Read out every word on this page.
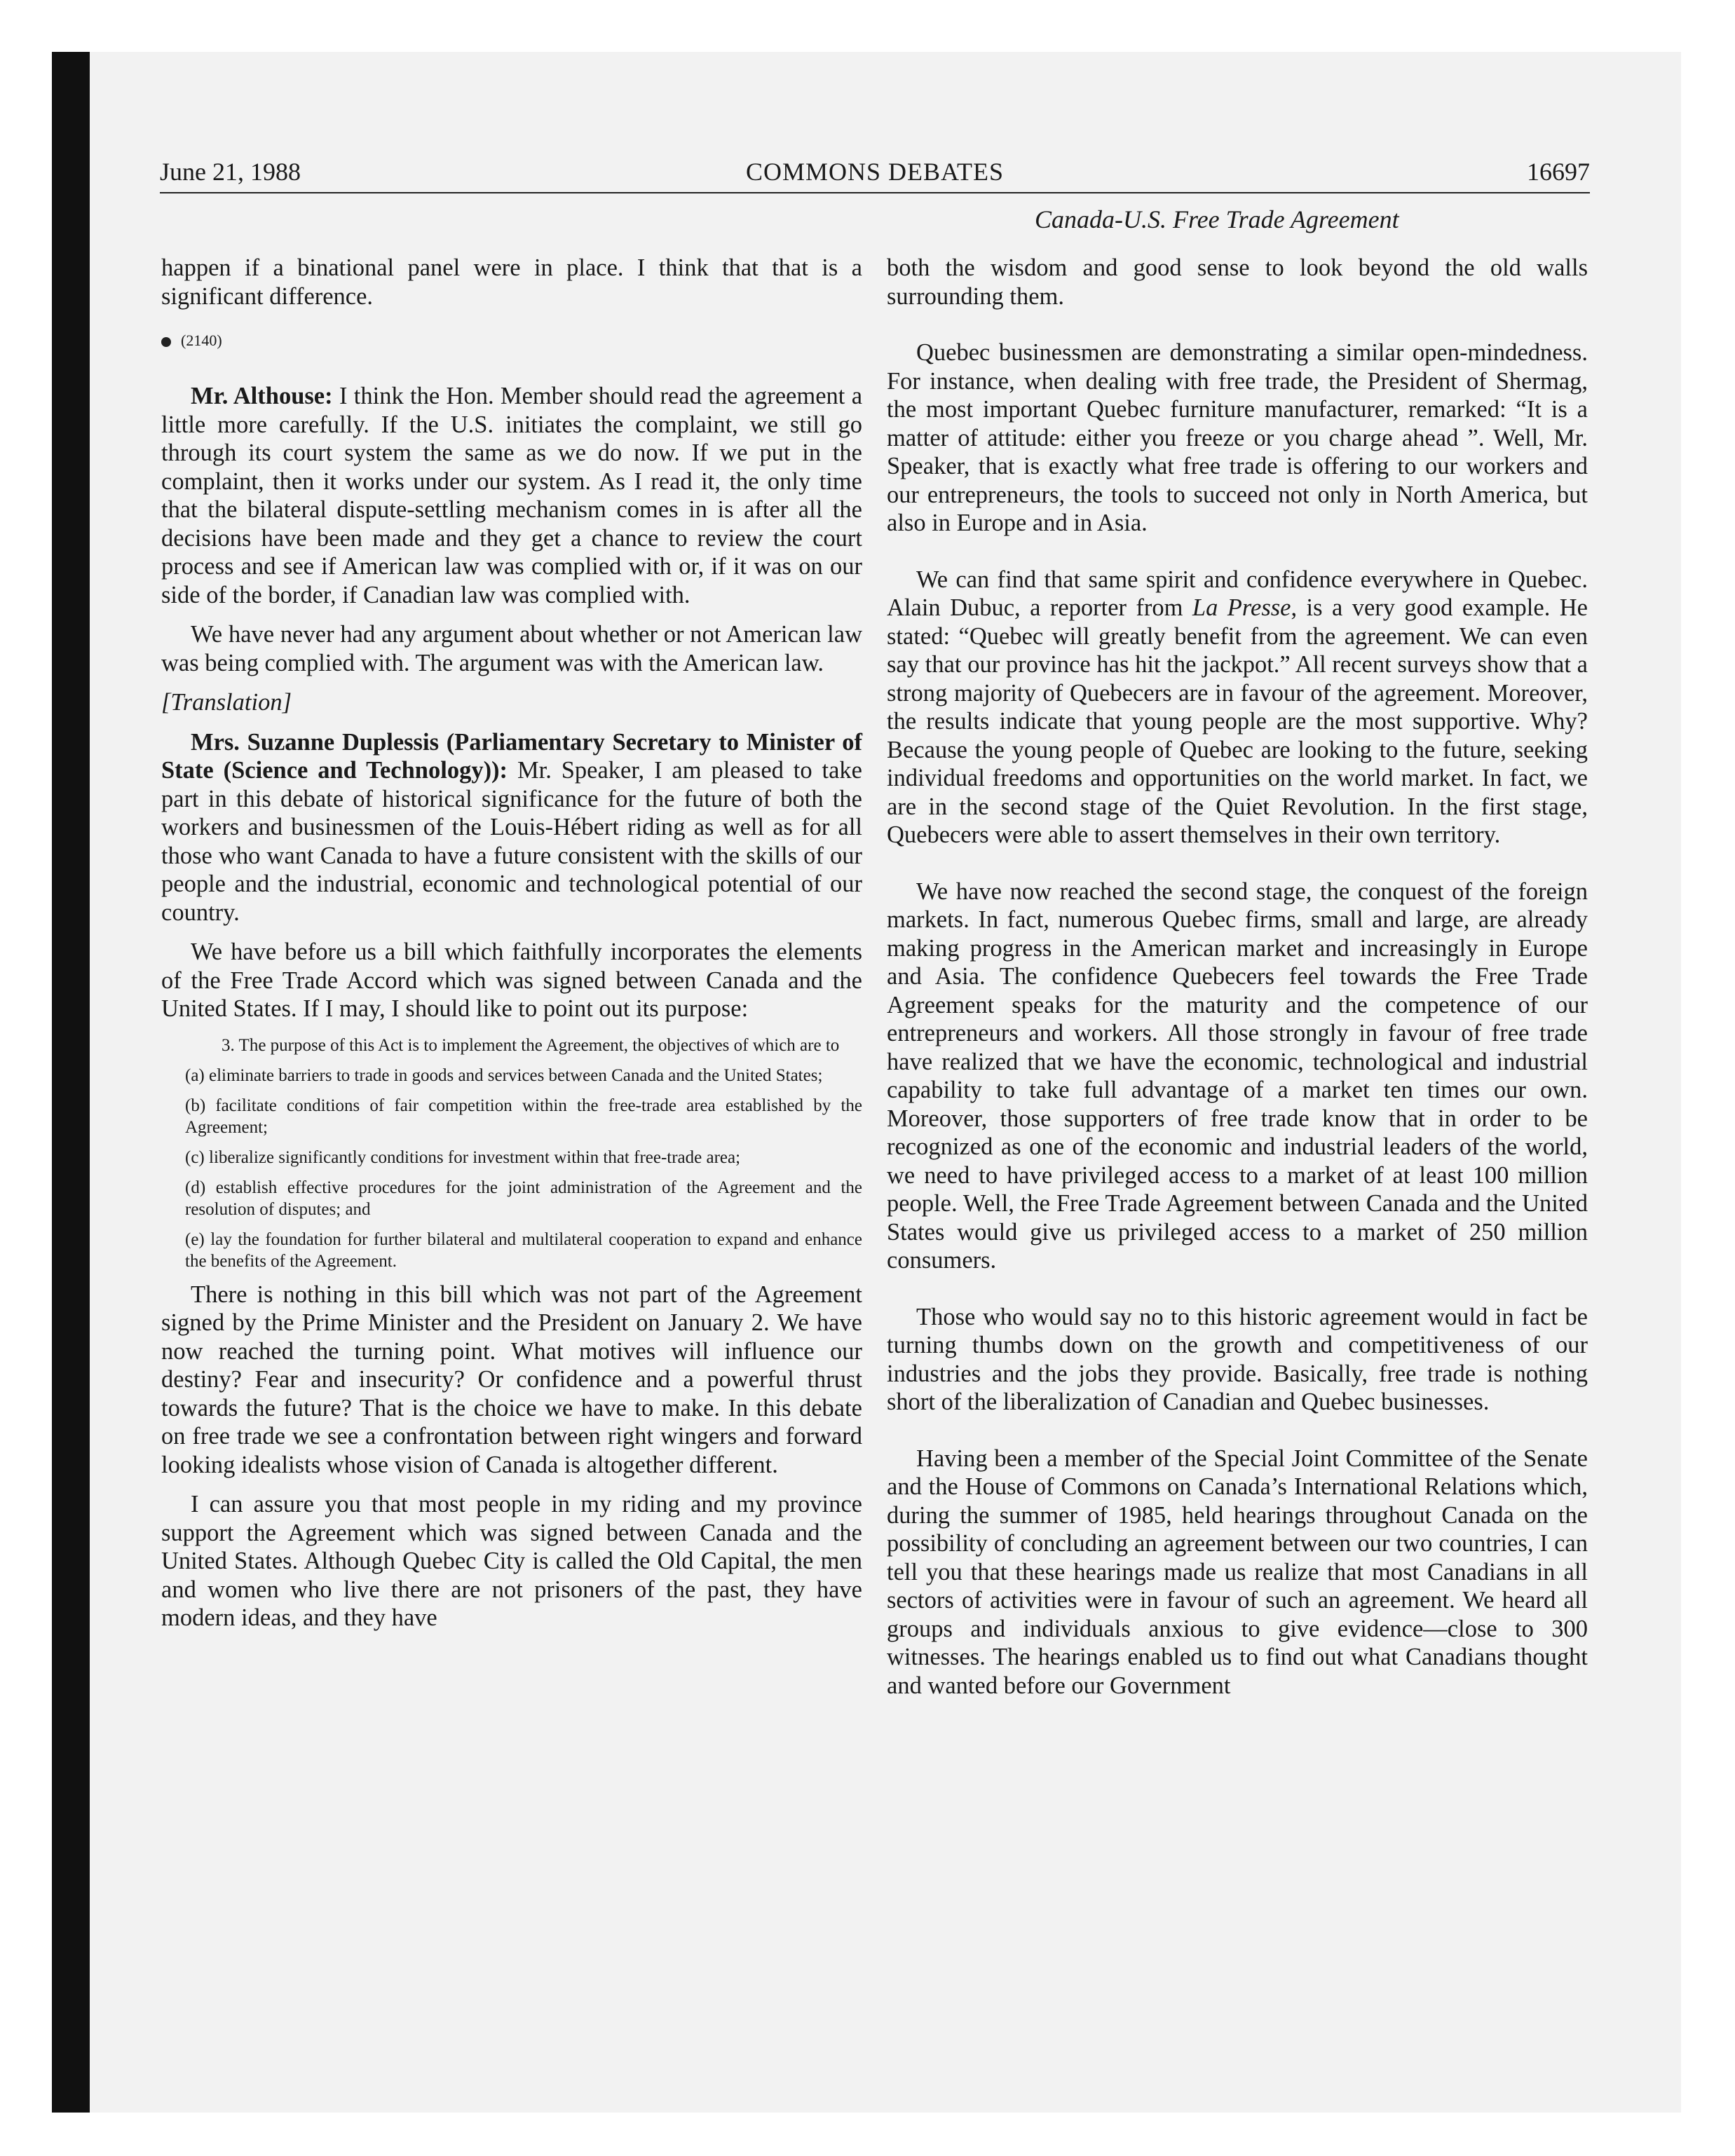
June 21, 1988	COMMONS DEBATES	16697
Canada-U.S. Free Trade Agreement

happen if a binational panel were in place. I think that that is a significant difference.

(2140)

Mr. Althouse: I think the Hon. Member should read the agreement a little more carefully. If the U.S. initiates the complaint, we still go through its court system the same as we do now. If we put in the complaint, then it works under our system. As I read it, the only time that the bilateral dispute-settling mechanism comes in is after all the decisions have been made and they get a chance to review the court process and see if American law was complied with or, if it was on our side of the border, if Canadian law was complied with.

We have never had any argument about whether or not American law was being complied with. The argument was with the American law.

[Translation]

Mrs. Suzanne Duplessis (Parliamentary Secretary to Minister of State (Science and Technology)): Mr. Speaker, I am pleased to take part in this debate of historical significance for the future of both the workers and businessmen of the Louis-Hébert riding as well as for all those who want Canada to have a future consistent with the skills of our people and the industrial, economic and technological potential of our country.

We have before us a bill which faithfully incorporates the elements of the Free Trade Accord which was signed between Canada and the United States. If I may, I should like to point out its purpose:

3. The purpose of this Act is to implement the Agreement, the objectives of which are to

(a) eliminate barriers to trade in goods and services between Canada and the United States;

(b) facilitate conditions of fair competition within the free-trade area established by the Agreement;

(c) liberalize significantly conditions for investment within that free-trade area;

(d) establish effective procedures for the joint administration of the Agreement and the resolution of disputes; and

(e) lay the foundation for further bilateral and multilateral cooperation to expand and enhance the benefits of the Agreement.

There is nothing in this bill which was not part of the Agreement signed by the Prime Minister and the President on January 2. We have now reached the turning point. What motives will influence our destiny? Fear and insecurity? Or confidence and a powerful thrust towards the future? That is the choice we have to make. In this debate on free trade we see a confrontation between right wingers and forward looking idealists whose vision of Canada is altogether different.

I can assure you that most people in my riding and my province support the Agreement which was signed between Canada and the United States. Although Quebec City is called the Old Capital, the men and women who live there are not prisoners of the past, they have modern ideas, and they have

both the wisdom and good sense to look beyond the old walls surrounding them.

Quebec businessmen are demonstrating a similar open-mindedness. For instance, when dealing with free trade, the President of Shermag, the most important Quebec furniture manufacturer, remarked: “It is a matter of attitude: either you freeze or you charge ahead ”. Well, Mr. Speaker, that is exactly what free trade is offering to our workers and our entrepreneurs, the tools to succeed not only in North America, but also in Europe and in Asia.

We can find that same spirit and confidence everywhere in Quebec. Alain Dubuc, a reporter from La Presse, is a very good example. He stated: “Quebec will greatly benefit from the agreement. We can even say that our province has hit the jackpot.” All recent surveys show that a strong majority of Quebecers are in favour of the agreement. Moreover, the results indicate that young people are the most supportive. Why? Because the young people of Quebec are looking to the future, seeking individual freedoms and opportunities on the world market. In fact, we are in the second stage of the Quiet Revolution. In the first stage, Quebecers were able to assert themselves in their own territory.

We have now reached the second stage, the conquest of the foreign markets. In fact, numerous Quebec firms, small and large, are already making progress in the American market and increasingly in Europe and Asia. The confidence Quebecers feel towards the Free Trade Agreement speaks for the maturity and the competence of our entrepreneurs and workers. All those strongly in favour of free trade have realized that we have the economic, technological and industrial capability to take full advantage of a market ten times our own. Moreover, those supporters of free trade know that in order to be recognized as one of the economic and industrial leaders of the world, we need to have privileged access to a market of at least 100 million people. Well, the Free Trade Agreement between Canada and the United States would give us privileged access to a market of 250 million consumers.

Those who would say no to this historic agreement would in fact be turning thumbs down on the growth and competitiveness of our industries and the jobs they provide. Basically, free trade is nothing short of the liberalization of Canadian and Quebec businesses.

Having been a member of the Special Joint Committee of the Senate and the House of Commons on Canada’s International Relations which, during the summer of 1985, held hearings throughout Canada on the possibility of concluding an agreement between our two countries, I can tell you that these hearings made us realize that most Canadians in all sectors of activities were in favour of such an agreement. We heard all groups and individuals anxious to give evidence—close to 300 witnesses. The hearings enabled us to find out what Canadians thought and wanted before our Government
